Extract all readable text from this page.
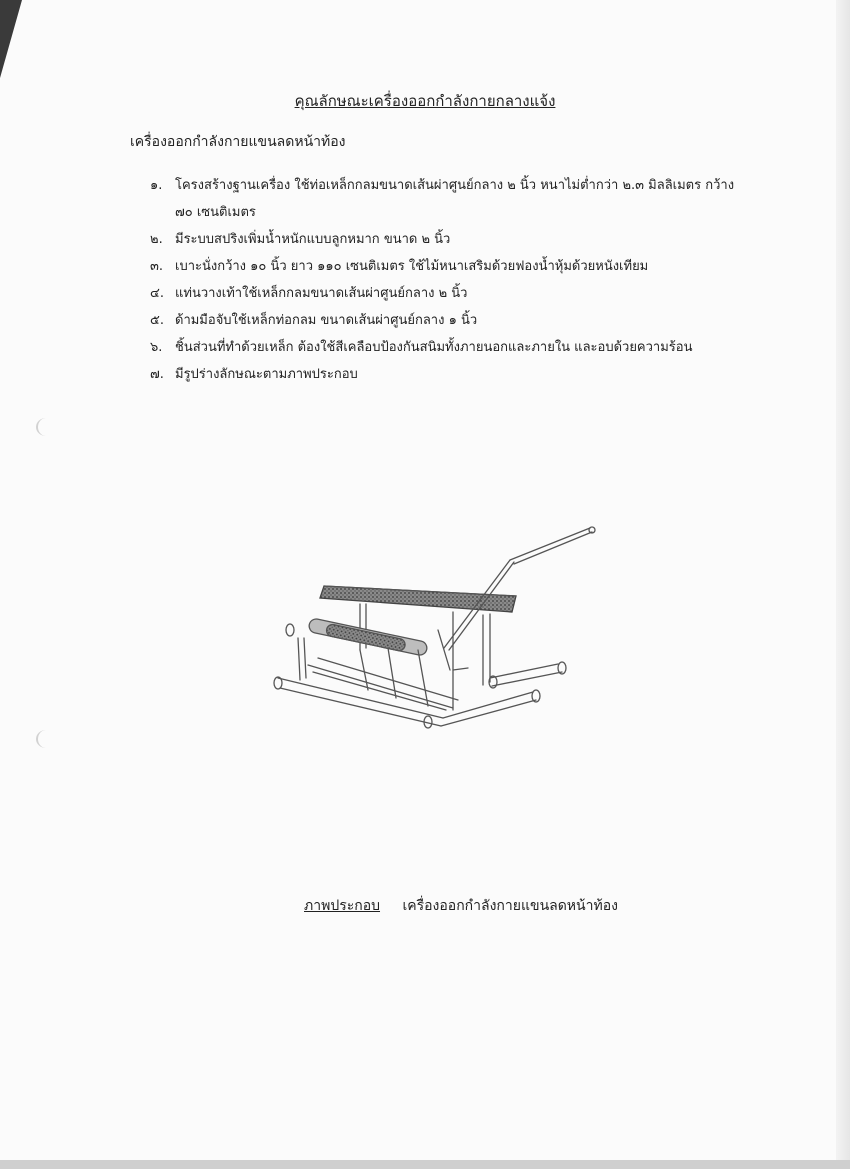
คุณลักษณะเครื่องออกกำลังกายกลางแจ้ง
เครื่องออกกำลังกายแขนลดหน้าท้อง
๑. โครงสร้างฐานเครื่อง ใช้ท่อเหล็กกลมขนาดเส้นผ่าศูนย์กลาง ๒ นิ้ว หนาไม่ต่ำกว่า ๒.๓ มิลลิเมตร กว้าง ๗๐ เซนติเมตร
๒. มีระบบสปริงเพิ่มน้ำหนักแบบลูกหมาก ขนาด ๒ นิ้ว
๓. เบาะนั่งกว้าง ๑๐ นิ้ว ยาว ๑๑๐ เซนติเมตร ใช้ไม้หนาเสริมด้วยฟองน้ำหุ้มด้วยหนังเทียม
๔. แท่นวางเท้าใช้เหล็กกลมขนาดเส้นผ่าศูนย์กลาง ๒ นิ้ว
๕. ด้ามมือจับใช้เหล็กท่อกลม ขนาดเส้นผ่าศูนย์กลาง ๑ นิ้ว
๖. ชิ้นส่วนที่ทำด้วยเหล็ก ต้องใช้สีเคลือบป้องกันสนิมทั้งภายนอกและภายใน และอบด้วยความร้อน
๗. มีรูปร่างลักษณะตามภาพประกอบ
ภาพประกอบ เครื่องออกกำลังกายแขนลดหน้าท้อง
